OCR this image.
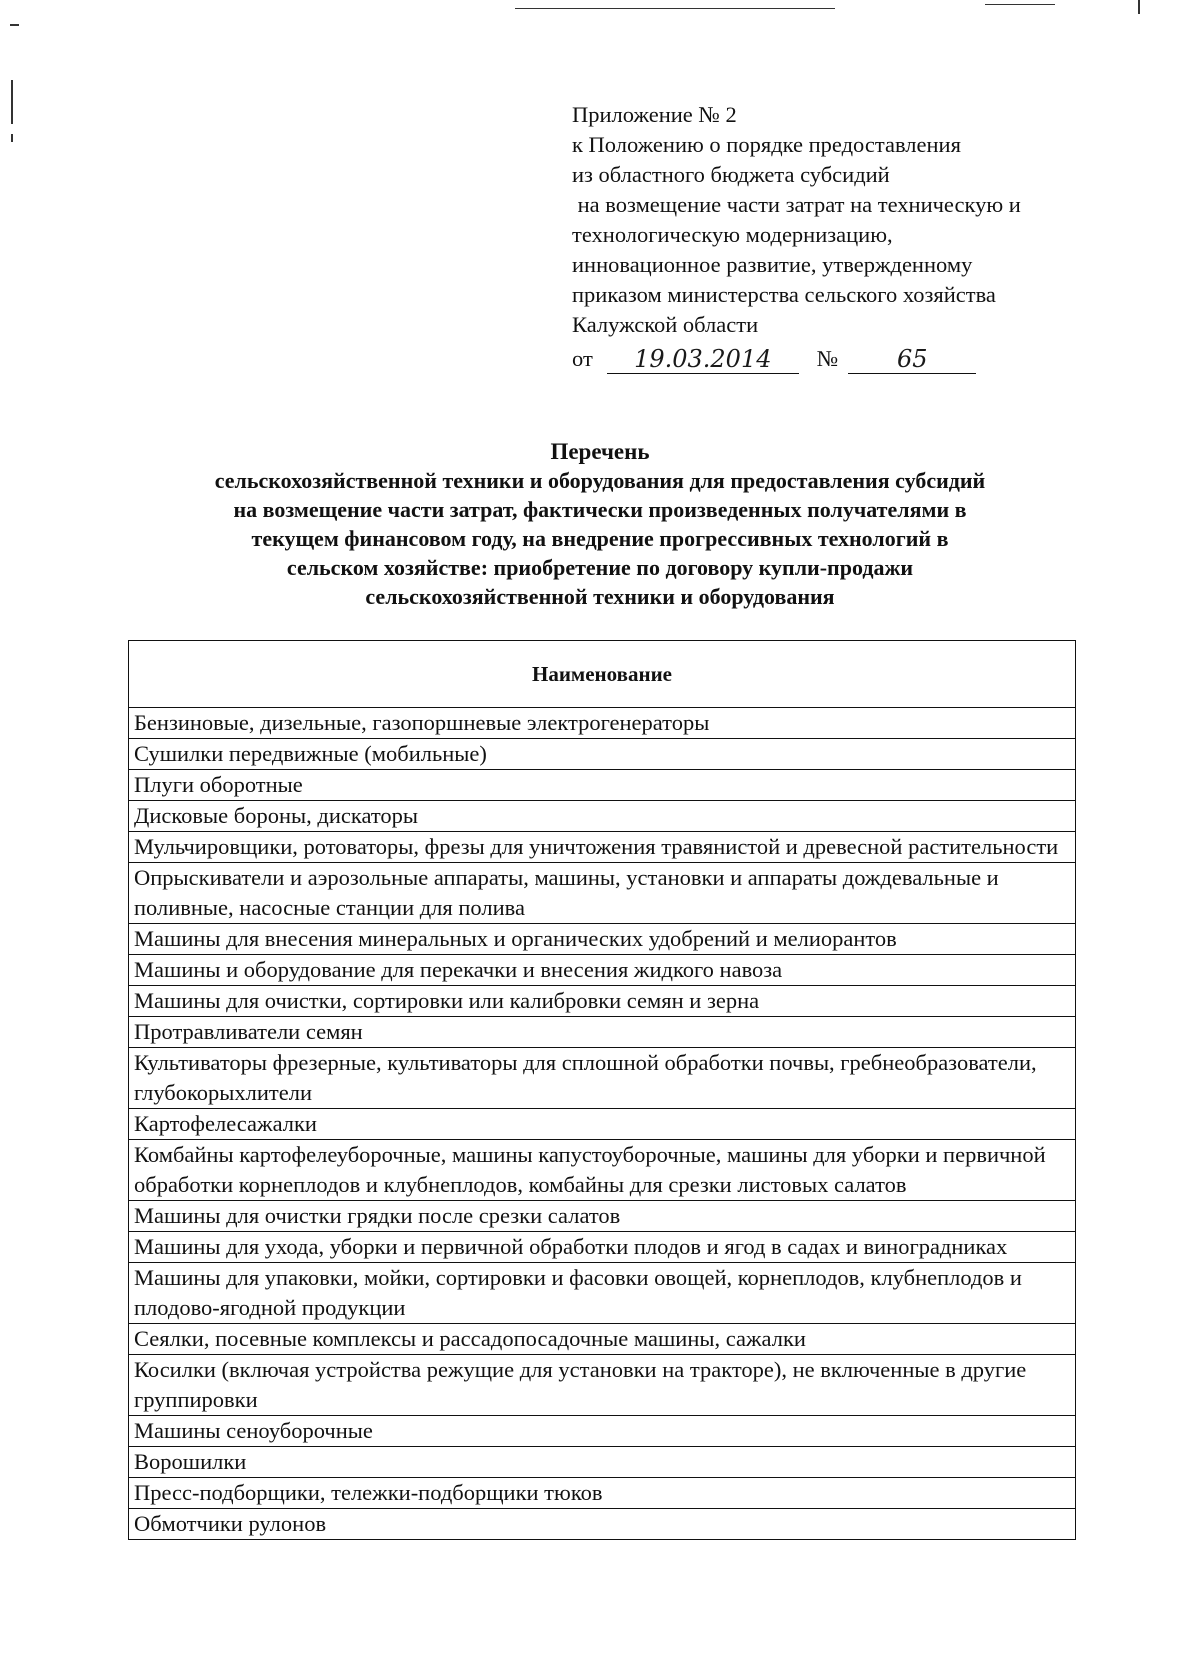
Приложение № 2
к Положению о порядке предоставления
из областного бюджета субсидий
на возмещение части затрат на техническую и
технологическую модернизацию,
инновационное развитие, утвержденному
приказом министерства сельского хозяйства
Калужской области
от	19.03.2014	№	65
Перечень
сельскохозяйственной техники и оборудования для предоставления субсидий
на возмещение части затрат, фактически произведенных получателями в
текущем финансовом году, на внедрение прогрессивных технологий в
сельском хозяйстве: приобретение по договору купли-продажи
сельскохозяйственной техники и оборудования
Наименование
Бензиновые, дизельные, газопоршневые электрогенераторы
Сушилки передвижные (мобильные)
Плуги оборотные
Дисковые бороны, дискаторы
Мульчировщики, ротоваторы, фрезы для уничтожения травянистой и древесной растительности
Опрыскиватели и аэрозольные аппараты, машины, установки и аппараты дождевальные и поливные, насосные станции для полива
Машины для внесения минеральных и органических удобрений и мелиорантов
Машины и оборудование для перекачки и внесения жидкого навоза
Машины для очистки, сортировки или калибровки семян и зерна
Протравливатели семян
Культиваторы фрезерные, культиваторы для сплошной обработки почвы, гребнеобразователи, глубокорыхлители
Картофелесажалки
Комбайны картофелеуборочные, машины капустоуборочные, машины для уборки и первичной обработки корнеплодов и клубнеплодов, комбайны для срезки листовых салатов
Машины для очистки грядки после срезки салатов
Машины для ухода, уборки и первичной обработки плодов и ягод в садах и виноградниках
Машины для упаковки, мойки, сортировки и фасовки овощей, корнеплодов, клубнеплодов и плодово-ягодной продукции
Сеялки, посевные комплексы и рассадопосадочные машины, сажалки
Косилки (включая устройства режущие для установки на тракторе), не включенные в другие группировки
Машины сеноуборочные
Ворошилки
Пресс-подборщики, тележки-подборщики тюков
Обмотчики рулонов
